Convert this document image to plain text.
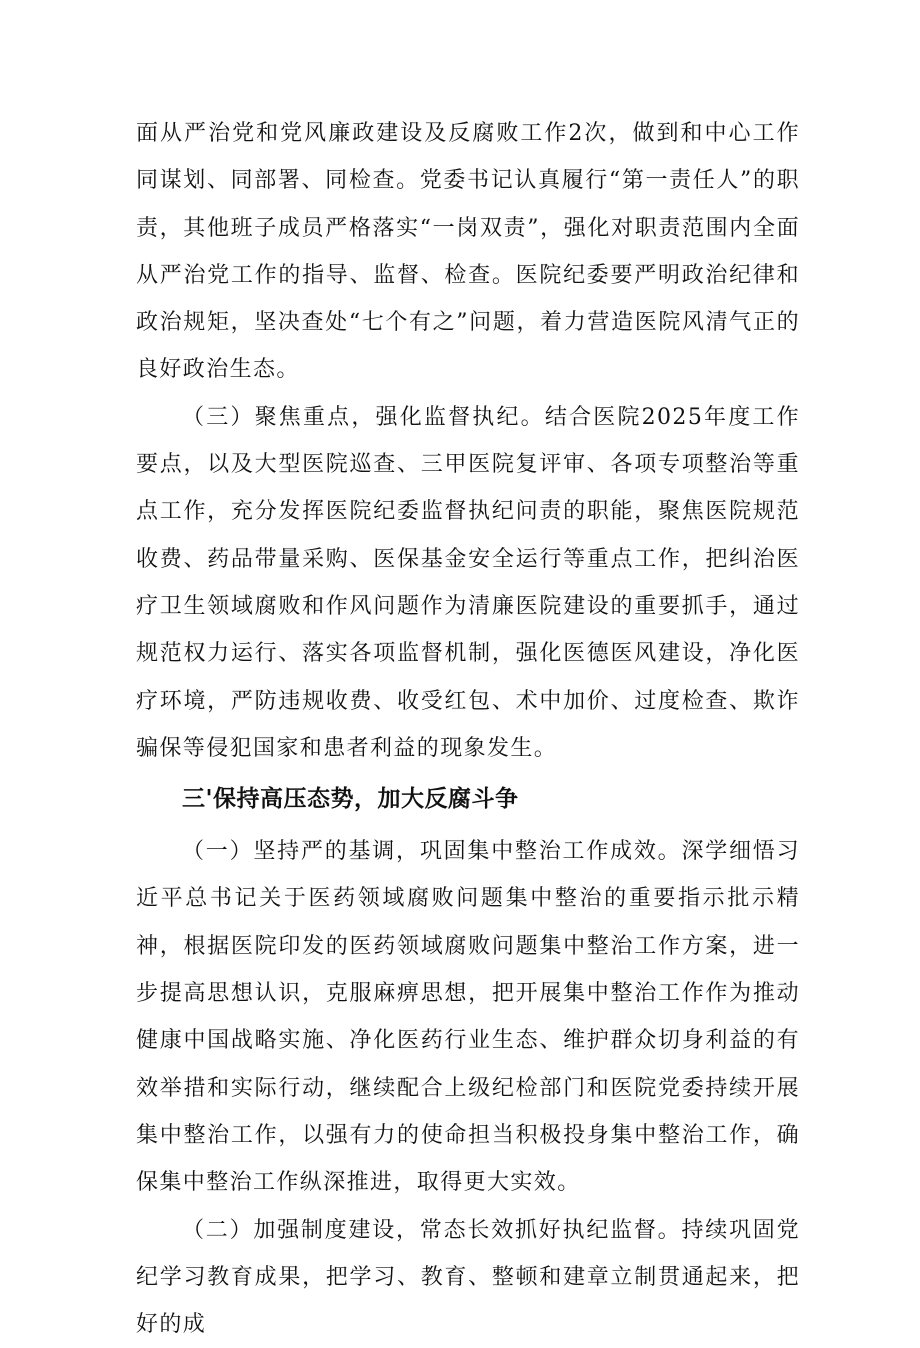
面从严治党和党风廉政建设及反腐败工作2次，做到和中心工作同谋划、同部署、同检查。党委书记认真履行“第一责任人”的职责，其他班子成员严格落实“一岗双责”，强化对职责范围内全面从严治党工作的指导、监督、检查。医院纪委要严明政治纪律和政治规矩，坚决查处“七个有之”问题，着力营造医院风清气正的良好政治生态。

（三）聚焦重点，强化监督执纪。结合医院2025年度工作要点，以及大型医院巡查、三甲医院复评审、各项专项整治等重点工作，充分发挥医院纪委监督执纪问责的职能，聚焦医院规范收费、药品带量采购、医保基金安全运行等重点工作，把纠治医疗卫生领域腐败和作风问题作为清廉医院建设的重要抓手，通过规范权力运行、落实各项监督机制，强化医德医风建设，净化医疗环境，严防违规收费、收受红包、术中加价、过度检查、欺诈骗保等侵犯国家和患者利益的现象发生。

三'保持高压态势，加大反腐斗争

（一）坚持严的基调，巩固集中整治工作成效。深学细悟习近平总书记关于医药领域腐败问题集中整治的重要指示批示精神，根据医院印发的医药领域腐败问题集中整治工作方案，进一步提高思想认识，克服麻痹思想，把开展集中整治工作作为推动健康中国战略实施、净化医药行业生态、维护群众切身利益的有效举措和实际行动，继续配合上级纪检部门和医院党委持续开展集中整治工作，以强有力的使命担当积极投身集中整治工作，确保集中整治工作纵深推进，取得更大实效。

（二）加强制度建设，常态长效抓好执纪监督。持续巩固党纪学习教育成果，把学习、教育、整顿和建章立制贯通起来，把好的成
